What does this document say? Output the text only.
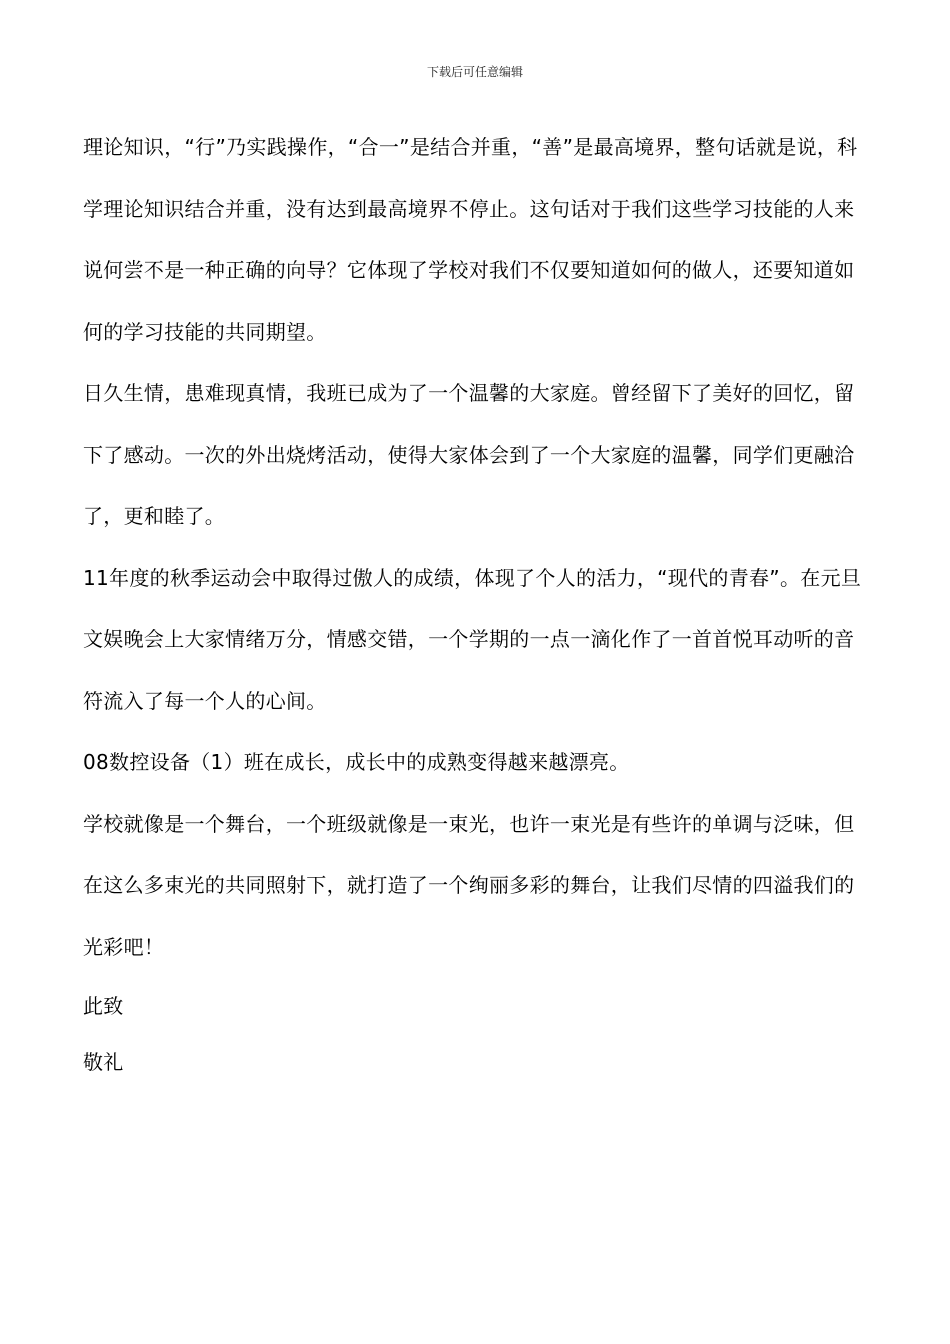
下载后可任意编辑

理论知识，“行”乃实践操作，“合一”是结合并重，“善”是最高境界，整句话就是说，科学理论知识结合并重，没有达到最高境界不停止。这句话对于我们这些学习技能的人来说何尝不是一种正确的向导？它体现了学校对我们不仅要知道如何的做人，还要知道如何的学习技能的共同期望。

日久生情，患难现真情，我班已成为了一个温馨的大家庭。曾经留下了美好的回忆，留下了感动。一次的外出烧烤活动，使得大家体会到了一个大家庭的温馨，同学们更融洽了，更和睦了。

11年度的秋季运动会中取得过傲人的成绩，体现了个人的活力，“现代的青春”。在元旦文娱晚会上大家情绪万分，情感交错，一个学期的一点一滴化作了一首首悦耳动听的音符流入了每一个人的心间。

08数控设备（1）班在成长，成长中的成熟变得越来越漂亮。

学校就像是一个舞台，一个班级就像是一束光，也许一束光是有些许的单调与泛味，但在这么多束光的共同照射下，就打造了一个绚丽多彩的舞台，让我们尽情的四溢我们的光彩吧！

此致

敬礼
